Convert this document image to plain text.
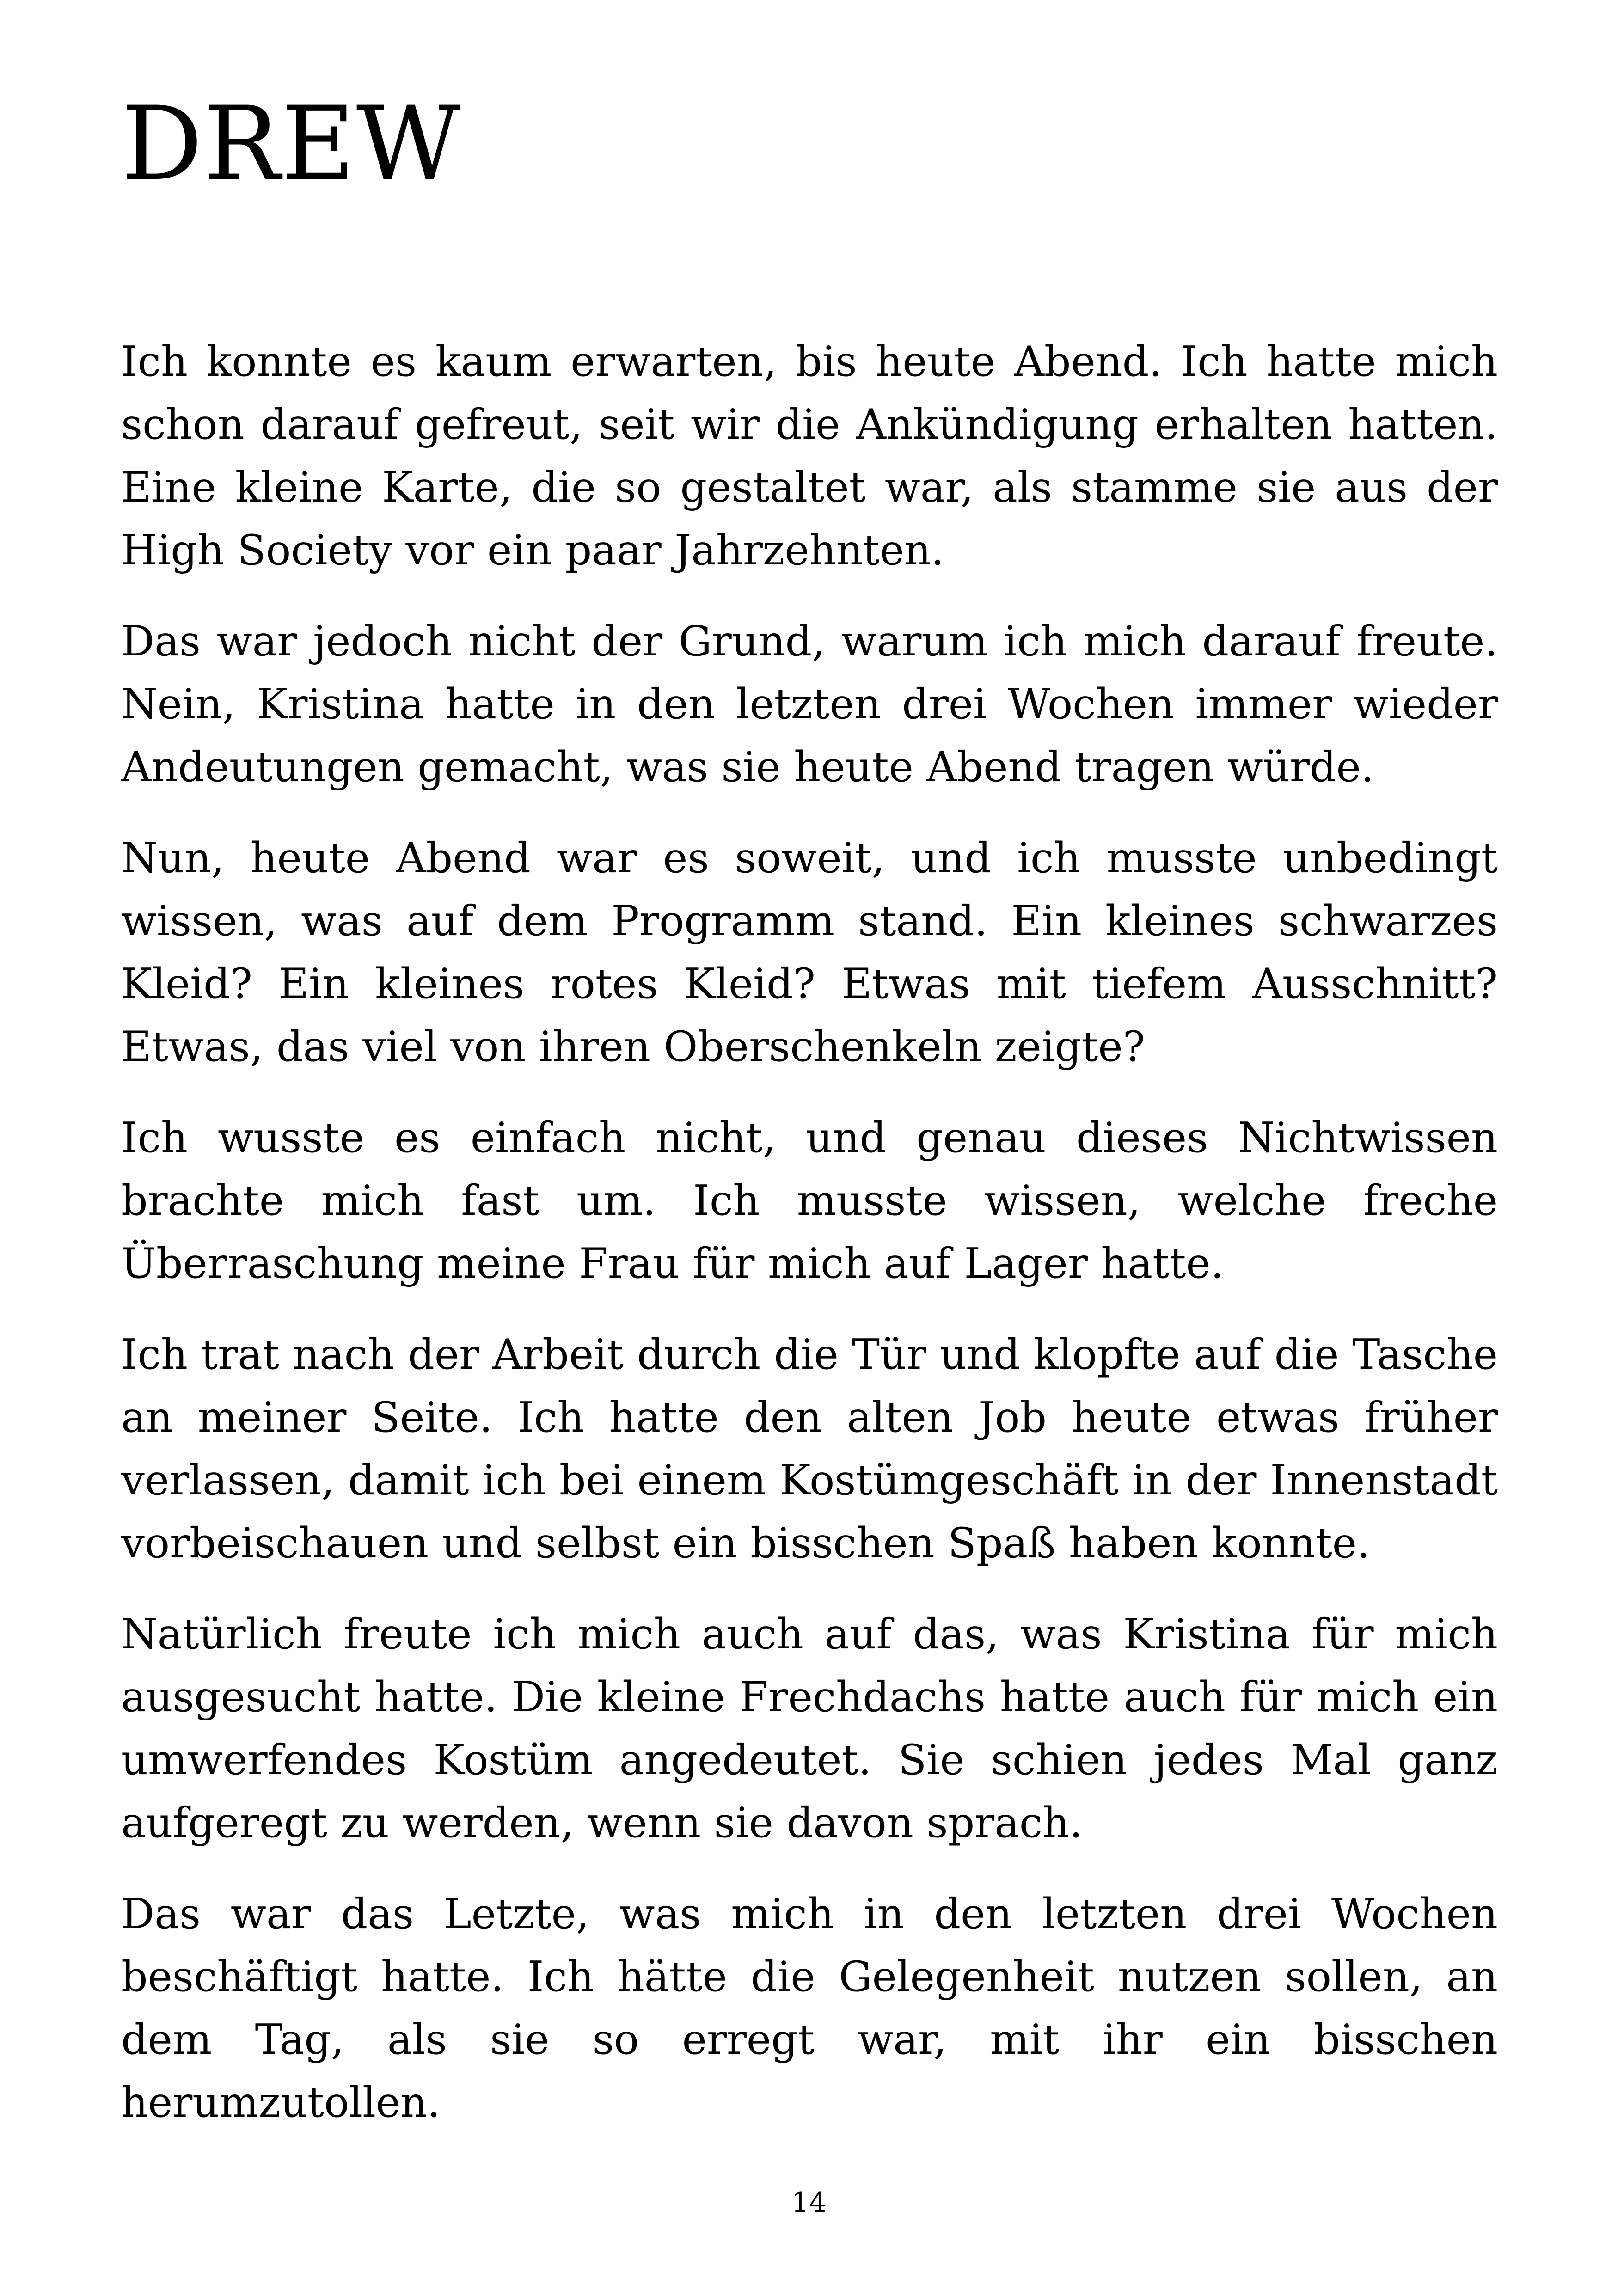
DREW

Ich konnte es kaum erwarten, bis heute Abend. Ich hatte mich schon darauf gefreut, seit wir die Ankündigung erhalten hatten. Eine kleine Karte, die so gestaltet war, als stamme sie aus der High Society vor ein paar Jahrzehnten.

Das war jedoch nicht der Grund, warum ich mich darauf freute. Nein, Kristina hatte in den letzten drei Wochen immer wieder Andeutungen gemacht, was sie heute Abend tragen würde.

Nun, heute Abend war es soweit, und ich musste unbedingt wissen, was auf dem Programm stand. Ein kleines schwarzes Kleid? Ein kleines rotes Kleid? Etwas mit tiefem Ausschnitt? Etwas, das viel von ihren Oberschenkeln zeigte?

Ich wusste es einfach nicht, und genau dieses Nichtwissen brachte mich fast um. Ich musste wissen, welche freche Überraschung meine Frau für mich auf Lager hatte.

Ich trat nach der Arbeit durch die Tür und klopfte auf die Tasche an meiner Seite. Ich hatte den alten Job heute etwas früher verlassen, damit ich bei einem Kostümgeschäft in der Innenstadt vorbeischauen und selbst ein bisschen Spaß haben konnte.

Natürlich freute ich mich auch auf das, was Kristina für mich ausgesucht hatte. Die kleine Frechdachs hatte auch für mich ein umwerfendes Kostüm angedeutet. Sie schien jedes Mal ganz aufgeregt zu werden, wenn sie davon sprach.

Das war das Letzte, was mich in den letzten drei Wochen beschäftigt hatte. Ich hätte die Gelegenheit nutzen sollen, an dem Tag, als sie so erregt war, mit ihr ein bisschen herumzutollen.

14
